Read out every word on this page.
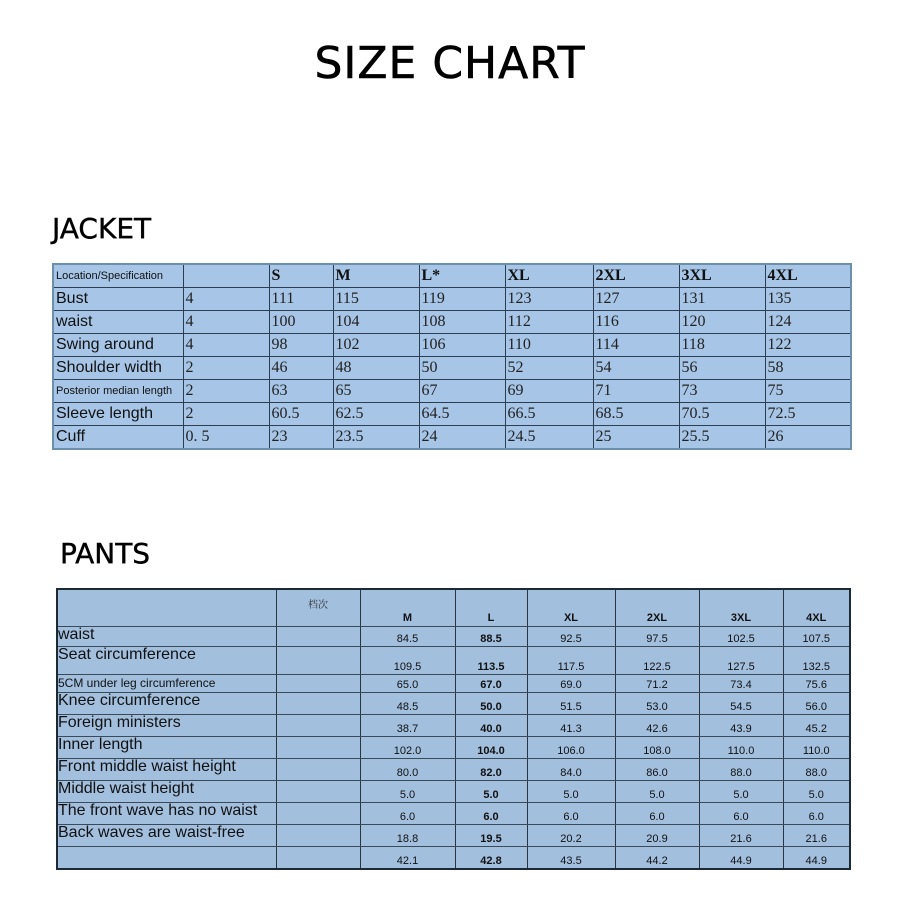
SIZE CHART
JACKET
Location/Specification		S	M	L*	XL	2XL	3XL	4XL
Bust	4	111	115	119	123	127	131	135
waist	4	100	104	108	112	116	120	124
Swing around	4	98	102	106	110	114	118	122
Shoulder width	2	46	48	50	52	54	56	58
Posterior median length	2	63	65	67	69	71	73	75
Sleeve length	2	60.5	62.5	64.5	66.5	68.5	70.5	72.5
Cuff	0. 5	23	23.5	24	24.5	25	25.5	26
PANTS
	档次	M	L	XL	2XL	3XL	4XL
waist		84.5	88.5	92.5	97.5	102.5	107.5
Seat circumference		109.5	113.5	117.5	122.5	127.5	132.5
5CM under leg circumference		65.0	67.0	69.0	71.2	73.4	75.6
Knee circumference		48.5	50.0	51.5	53.0	54.5	56.0
Foreign ministers		38.7	40.0	41.3	42.6	43.9	45.2
Inner length		102.0	104.0	106.0	108.0	110.0	110.0
Front middle waist height		80.0	82.0	84.0	86.0	88.0	88.0
Middle waist height		5.0	5.0	5.0	5.0	5.0	5.0
The front wave has no waist		6.0	6.0	6.0	6.0	6.0	6.0
Back waves are waist-free		18.8	19.5	20.2	20.9	21.6	21.6
		42.1	42.8	43.5	44.2	44.9	44.9
